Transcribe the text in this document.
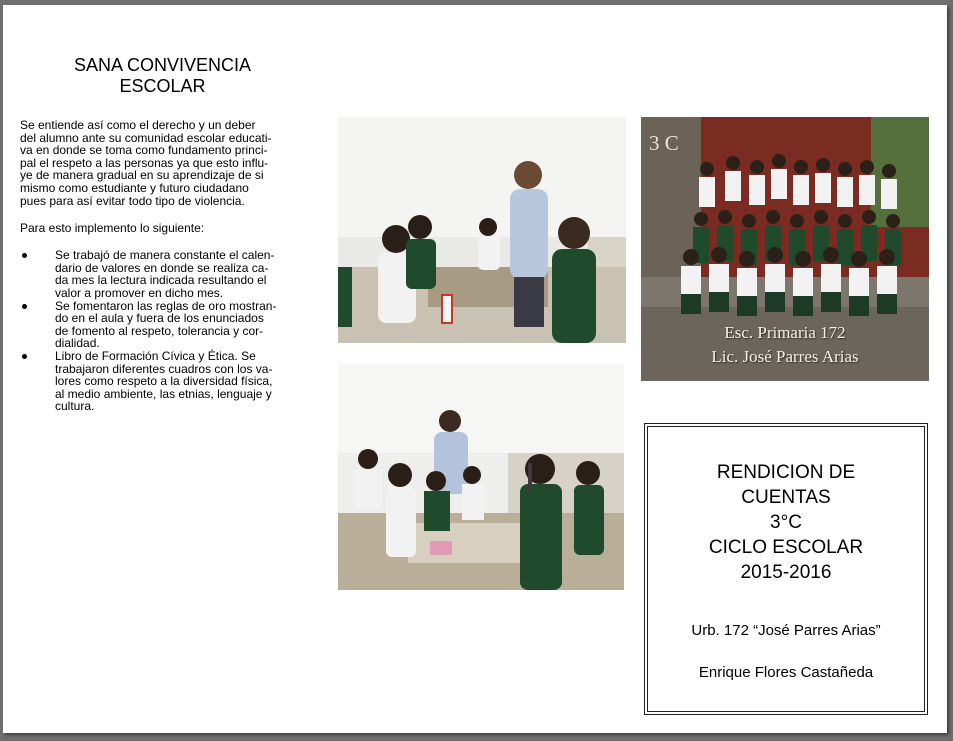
SANA CONVIVENCIA
ESCOLAR

Se entiende así como el derecho y un deber
del alumno ante su comunidad escolar educati-
va en donde se toma como fundamento princi-
pal el respeto a las personas ya que esto influ-
ye de manera gradual en su aprendizaje de si
mismo como estudiante y futuro ciudadano
pues para así evitar todo tipo de violencia.

Para esto implemento lo siguiente:

Se trabajó de manera constante el calen-
dario de valores en donde se realiza ca-
da mes la lectura indicada resultando el
valor a promover en dicho mes.
Se fomentaron las reglas de oro mostran-
do en el aula y fuera de los enunciados
de fomento al respeto, tolerancia y cor-
dialidad.
Libro de Formación Cívica y Ética. Se
trabajaron diferentes cuadros con los va-
lores como respeto a la diversidad física,
al medio ambiente, las etnias, lenguaje y
cultura.
3 C
Esc. Primaria 172
Lic. José Parres Arias
RENDICION DE
CUENTAS
3°C
CICLO ESCOLAR
2015-2016
Urb. 172 “José Parres Arias”
Enrique Flores Castañeda
